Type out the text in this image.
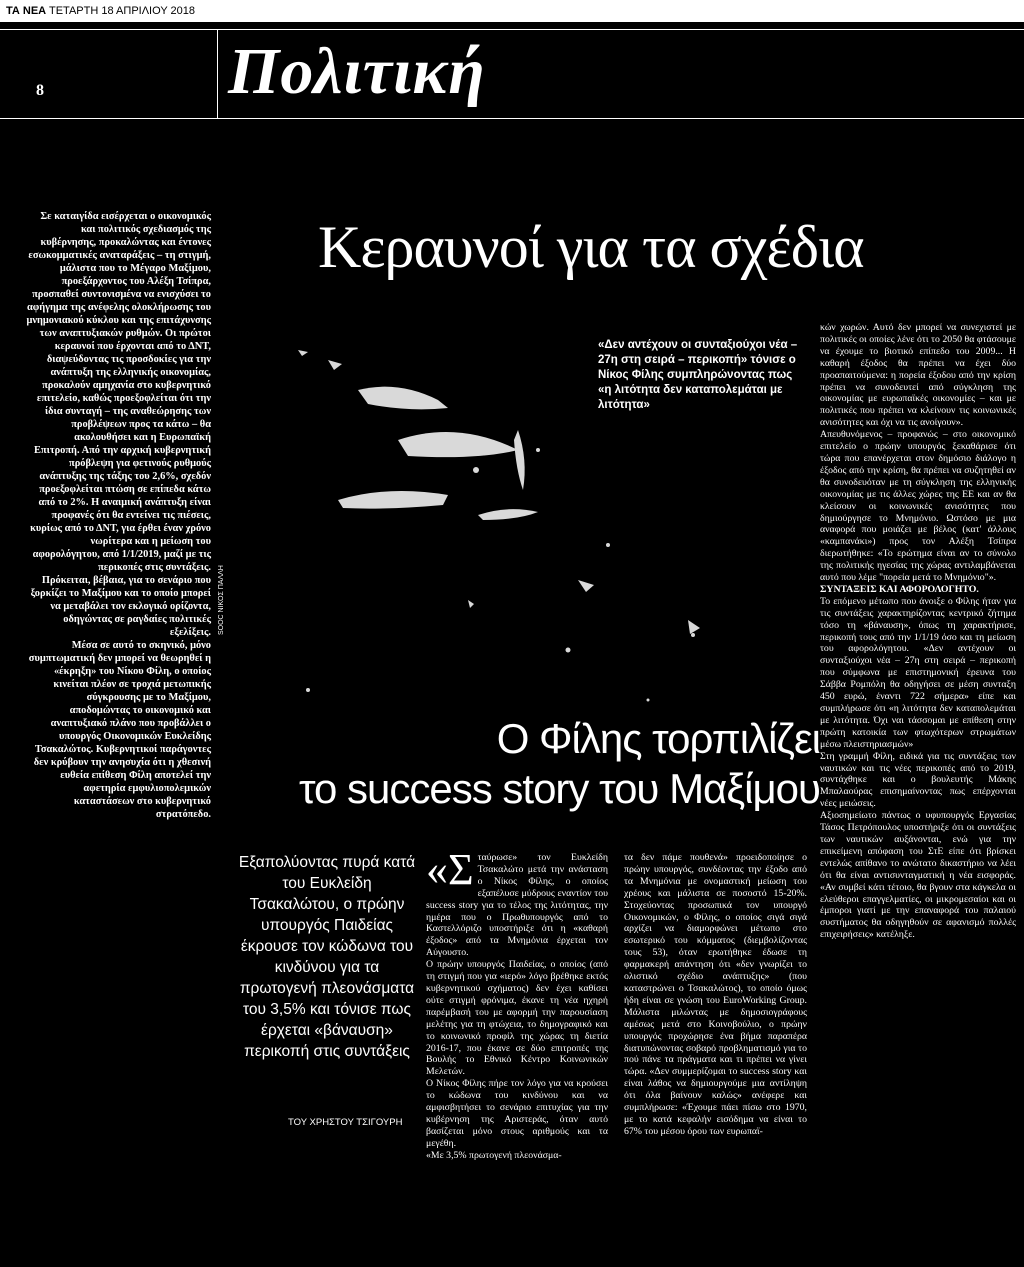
ΤΑ ΝΕΑ ΤΕΤΑΡΤΗ 18 ΑΠΡΙΛΙΟΥ 2018
8	Πολιτική

Σε καταιγίδα εισέρχεται ο οικονομικός και πολιτικός σχεδιασμός της κυβέρνησης, προκαλώντας και έντονες εσωκομματικές αναταράξεις – τη στιγμή, μάλιστα που το Μέγαρο Μαξίμου, προεξάρχοντος του Αλέξη Τσίπρα, προσπαθεί συντονισμένα να ενισχύσει το αφήγημα της ανέφελης ολοκλήρωσης του μνημονιακού κύκλου και της επιτάχυνσης των αναπτυξιακών ρυθμών. Οι πρώτοι κεραυνοί που έρχονται από το ΔΝΤ, διαψεύδοντας τις προσδοκίες για την ανάπτυξη της ελληνικής οικονομίας, προκαλούν αμηχανία στο κυβερνητικό επιτελείο, καθώς προεξοφλείται ότι την ίδια συνταγή – της αναθεώρησης των προβλέψεων προς τα κάτω – θα ακολουθήσει και η Ευρωπαϊκή Επιτροπή. Από την αρχική κυβερνητική πρόβλεψη για φετινούς ρυθμούς ανάπτυξης της τάξης του 2,6%, σχεδόν προεξοφλείται πτώση σε επίπεδα κάτω από το 2%. Η αναιμική ανάπτυξη είναι προφανές ότι θα εντείνει τις πιέσεις, κυρίως από το ΔΝΤ, για έρθει έναν χρόνο νωρίτερα και η μείωση του αφορολόγητου, από 1/1/2019, μαζί με τις περικοπές στις συντάξεις.

Πρόκειται, βέβαια, για το σενάριο που ξορκίζει το Μαξίμου και το οποίο μπορεί να μεταβάλει τον εκλογικό ορίζοντα, οδηγώντας σε ραγδαίες πολιτικές εξελίξεις.

Μέσα σε αυτό το σκηνικό, μόνο συμπτωματική δεν μπορεί να θεωρηθεί η «έκρηξη» του Νίκου Φίλη, ο οποίος κινείται πλέον σε τροχιά μετωπικής σύγκρουσης με το Μαξίμου, αποδομώντας το οικονομικό και αναπτυξιακό πλάνο που προβάλλει ο υπουργός Οικονομικών Ευκλείδης Τσακαλώτος. Κυβερνητικοί παράγοντες δεν κρύβουν την ανησυχία ότι η χθεσινή ευθεία επίθεση Φίλη αποτελεί την αφετηρία εμφυλιοπολεμικών καταστάσεων στο κυβερνητικό στρατόπεδο.

Κεραυνοί για τα σχέδια
SOOC ΝΙΚΟΣ ΠΑΛΛΗ
«Δεν αντέχουν οι συνταξιούχοι νέα – 27η στη σειρά – περικοπή» τόνισε ο Νίκος Φίλης συμπληρώνοντας πως «η λιτότητα δεν καταπολεμάται με λιτότητα»
Ο Φίλης τορπιλίζει
το success story του Μαξίμου
Εξαπολύοντας πυρά κατά του Ευκλείδη Τσακαλώτου, ο πρώην υπουργός Παιδείας έκρουσε τον κώδωνα του κινδύνου για τα πρωτογενή πλεονάσματα του 3,5% και τόνισε πως έρχεται «βάναυση» περικοπή στις συντάξεις
ΤΟΥ ΧΡΗΣΤΟΥ ΤΣΙΓΟΥΡΗ

«Σ ταύρωσε» τον Ευκλείδη Τσακαλώτο μετά την ανάσταση ο Νίκος Φίλης, ο οποίος εξαπέλυσε μύδρους εναντίον του success story για το τέλος της λιτότητας, την ημέρα που ο Πρωθυπουργός από το Καστελλόριζο υποστήριξε ότι η «καθαρή έξοδος» από τα Μνημόνια έρχεται τον Αύγουστο.

Ο πρώην υπουργός Παιδείας, ο οποίος (από τη στιγμή που για «ιερό» λόγο βρέθηκε εκτός κυβερνητικού σχήματος) δεν έχει καθίσει ούτε στιγμή φρόνιμα, έκανε τη νέα ηχηρή παρέμβασή του με αφορμή την παρουσίαση μελέτης για τη φτώχεια, το δημογραφικό και το κοινωνικό προφίλ της χώρας τη διετία 2016-17, που έκανε σε δύο επιτροπές της Βουλής το Εθνικό Κέντρο Κοινωνικών Μελετών.

Ο Νίκος Φίλης πήρε τον λόγο για να κρούσει το κώδωνα του κινδύνου και να αμφισβητήσει το σενάριο επιτυχίας για την κυβέρνηση της Αριστεράς, όταν αυτό βασίζεται μόνο στους αριθμούς και τα μεγέθη.

«Με 3,5% πρωτογενή πλεονάσμα-

τα δεν πάμε πουθενά» προειδοποίησε ο πρώην υπουργός, συνδέοντας την έξοδο από τα Μνημόνια με ονομαστική μείωση του χρέους και μάλιστα σε ποσοστό 15-20%. Στοχεύοντας προσωπικά τον υπουργό Οικονομικών, ο Φίλης, ο οποίος σιγά σιγά αρχίζει να διαμορφώνει μέτωπο στο εσωτερικό του κόμματος (διεμβολίζοντας τους 53), όταν ερωτήθηκε έδωσε τη φαρμακερή απάντηση ότι «δεν γνωρίζει το ολιστικό σχέδιο ανάπτυξης» (που καταστρώνει ο Τσακαλώτος), το οποίο όμως ήδη είναι σε γνώση του EuroWorking Group. Μάλιστα μιλώντας με δημοσιογράφους αμέσως μετά στο Κοινοβούλιο, ο πρώην υπουργός προχώρησε ένα βήμα παραπέρα διατυπώνοντας σοβαρό προβληματισμό για το πού πάνε τα πράγματα και τι πρέπει να γίνει τώρα. «Δεν συμμερίζομαι το success story και είναι λάθος να δημιουργούμε μια αντίληψη ότι όλα βαίνουν καλώς» ανέφερε και συμπλήρωσε: «Έχουμε πάει πίσω στο 1970, με το κατά κεφαλήν εισόδημα να είναι το 67% του μέσου όρου των ευρωπαϊ-

κών χωρών. Αυτό δεν μπορεί να συνεχιστεί με πολιτικές οι οποίες λένε ότι το 2050 θα φτάσουμε να έχουμε το βιοτικό επίπεδο του 2009... Η καθαρή έξοδος θα πρέπει να έχει δύο προαπαιτούμενα: η πορεία έξοδου από την κρίση πρέπει να συνοδευτεί από σύγκληση της οικονομίας με ευρωπαϊκές οικονομίες – και με πολιτικές που πρέπει να κλείνουν τις κοινωνικές ανισότητες και όχι να τις ανοίγουν».

Απευθυνόμενος – προφανώς – στο οικονομικό επιτελείο ο πρώην υπουργός ξεκαθάρισε ότι τώρα που επανέρχεται στον δημόσιο διάλογο η έξοδος από την κρίση, θα πρέπει να συζητηθεί αν θα συνοδευόταν με τη σύγκληση της ελληνικής οικονομίας με τις άλλες χώρες της ΕΕ και αν θα κλείσουν οι κοινωνικές ανισότητες που δημιούργησε το Μνημόνιο. Ωστόσο με μια αναφορά που μοιάζει με βέλος (κατ' άλλους «καμπανάκι») προς τον Αλέξη Τσίπρα διερωτήθηκε: «Το ερώτημα είναι αν το σύνολο της πολιτικής ηγεσίας της χώρας αντιλαμβάνεται αυτό που λέμε "πορεία μετά το Μνημόνιο"».

ΣΥΝΤΑΞΕΙΣ ΚΑΙ ΑΦΟΡΟΛΟΓΗΤΟ.

Το επόμενο μέτωπο που άνοιξε ο Φίλης ήταν για τις συντάξεις χαρακτηρίζοντας κεντρικό ζήτημα τόσο τη «βάναυση», όπως τη χαρακτήρισε, περικοπή τους από την 1/1/19 όσο και τη μείωση του αφορολόγητου. «Δεν αντέχουν οι συνταξιούχοι νέα – 27η στη σειρά – περικοπή που σύμφωνα με επιστημονική έρευνα του Σάββα Ρομπόλη θα οδηγήσει σε μέση συνταξη 450 ευρώ, έναντι 722 σήμερα» είπε και συμπλήρωσε ότι «η λιτότητα δεν καταπολεμάται με λιτότητα. Όχι ναι τάσσομαι με επίθεση στην πρώτη κατοικία των φτωχότερων στρωμάτων μέσω πλειστηριασμών»

Στη γραμμή Φίλη, ειδικά για τις συντάξεις των ναυτικών και τις νέες περικοπές από το 2019, συντάχθηκε και ο βουλευτής Μάκης Μπαλαούρας επισημαίνοντας πως επέρχονται νέες μειώσεις.

Αξιοσημείωτο πάντως ο υφυπουργός Εργασίας Τάσος Πετρόπουλος υποστήριξε ότι οι συντάξεις των ναυτικών αυξάνονται, ενώ για την επικείμενη απόφαση του ΣτΕ είπε ότι βρίσκει εντελώς απίθανο το ανώτατο δικαστήριο να λέει ότι θα είναι αντισυνταγματική η νέα εισφοράς. «Αν συμβεί κάτι τέτοιο, θα βγουν στα κάγκελα οι ελεύθεροι επαγγελματίες, οι μικρομεσαίοι και οι έμποροι γιατί με την επαναφορά του παλαιού συστήματος θα οδηγηθούν σε αφανισμό πολλές επιχειρήσεις» κατέληξε.
